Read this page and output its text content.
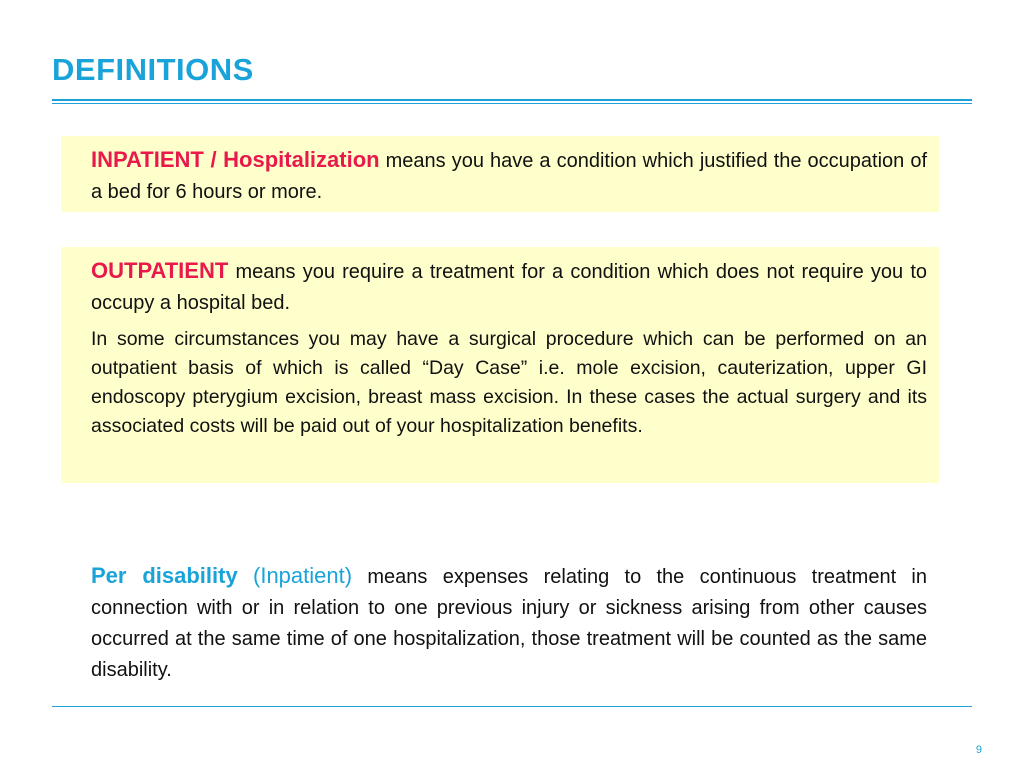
DEFINITIONS

INPATIENT / Hospitalization means you have a condition which justified the occupation of a bed for 6 hours or more.

OUTPATIENT means you require a treatment for a condition which does not require you to occupy a hospital bed.

In some circumstances you may have a surgical procedure which can be performed on an outpatient basis of which is called “Day Case” i.e. mole excision, cauterization, upper GI endoscopy pterygium excision, breast mass excision. In these cases the actual surgery and its associated costs will be paid out of your hospitalization benefits.

Per disability (Inpatient) means expenses relating to the continuous treatment in connection with or in relation to one previous injury or sickness arising from other causes occurred at the same time of one hospitalization, those treatment will be counted as the same disability.

9
